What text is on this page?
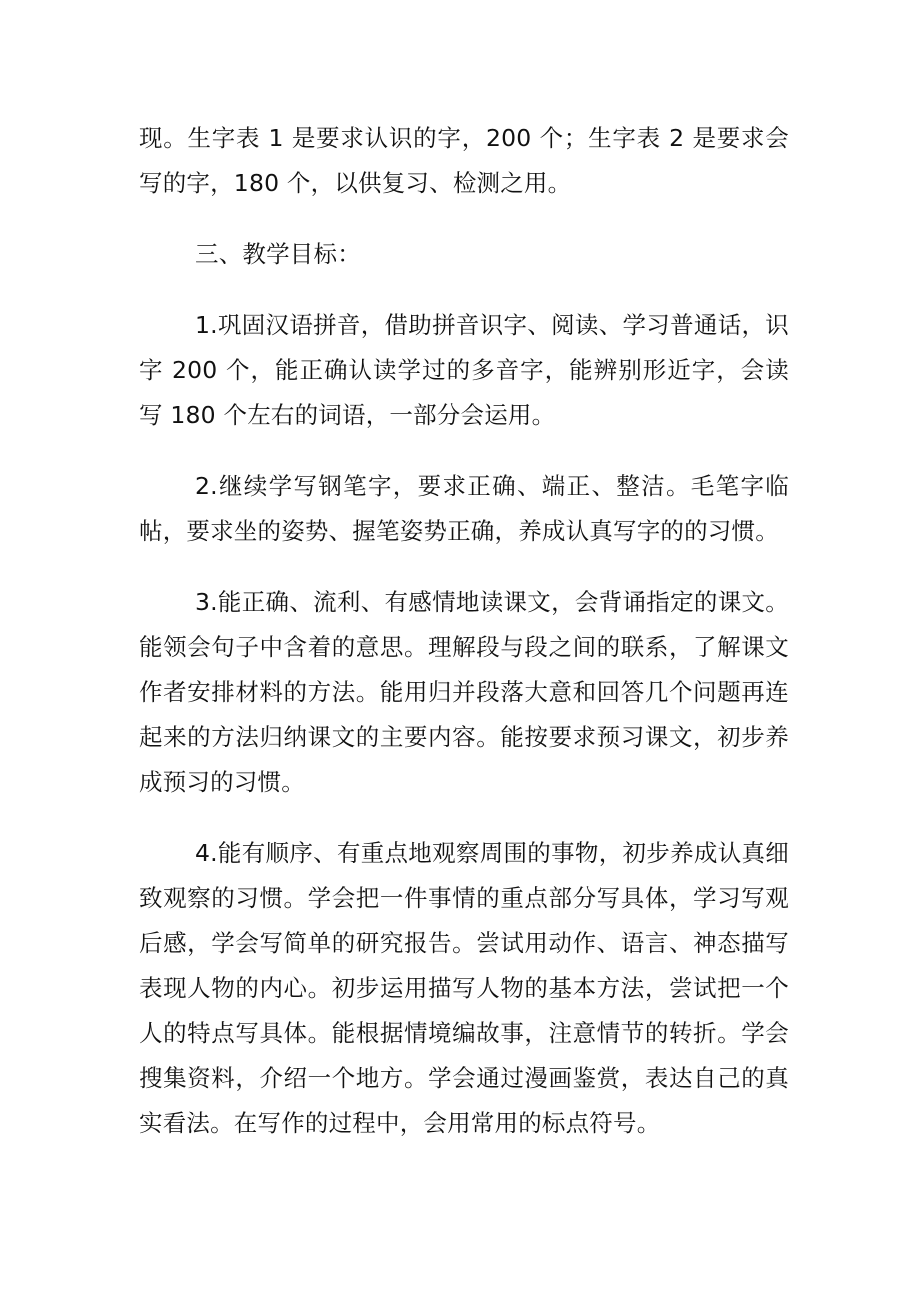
现。生字表 1 是要求认识的字，200 个；生字表 2 是要求会写的字，180 个，以供复习、检测之用。

三、教学目标：

1.巩固汉语拼音，借助拼音识字、阅读、学习普通话，识字 200 个，能正确认读学过的多音字，能辨别形近字，会读写 180 个左右的词语，一部分会运用。

2.继续学写钢笔字，要求正确、端正、整洁。毛笔字临帖，要求坐的姿势、握笔姿势正确，养成认真写字的的习惯。

3.能正确、流利、有感情地读课文，会背诵指定的课文。能领会句子中含着的意思。理解段与段之间的联系，了解课文作者安排材料的方法。能用归并段落大意和回答几个问题再连起来的方法归纳课文的主要内容。能按要求预习课文，初步养成预习的习惯。

4.能有顺序、有重点地观察周围的事物，初步养成认真细致观察的习惯。学会把一件事情的重点部分写具体，学习写观后感，学会写简单的研究报告。尝试用动作、语言、神态描写表现人物的内心。初步运用描写人物的基本方法，尝试把一个人的特点写具体。能根据情境编故事，注意情节的转折。学会搜集资料，介绍一个地方。学会通过漫画鉴赏，表达自己的真实看法。在写作的过程中，会用常用的标点符号。
